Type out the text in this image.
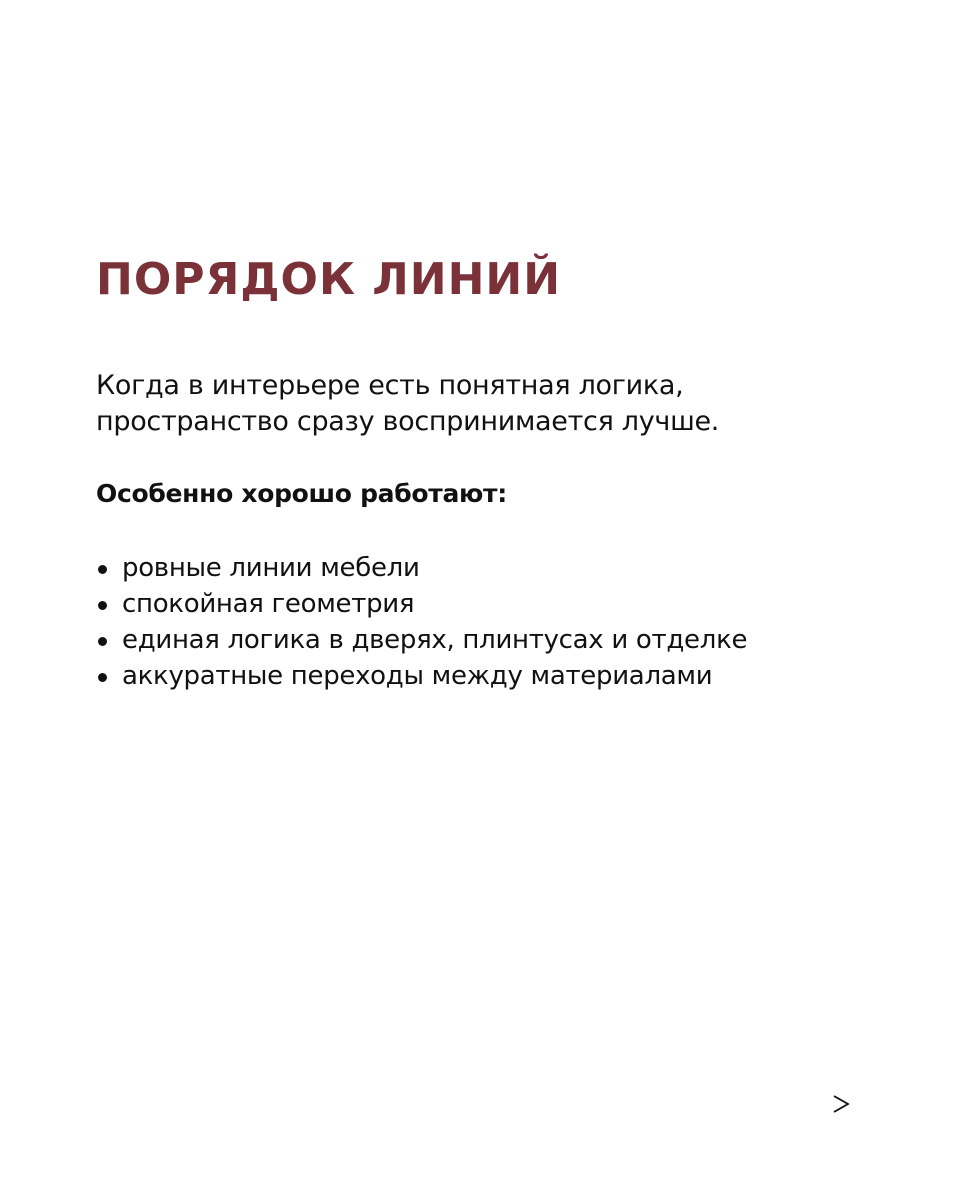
ПОРЯДОК ЛИНИЙ

Когда в интерьере есть понятная логика,
пространство сразу воспринимается лучше.

Особенно хорошо работают:

ровные линии мебели
спокойная геометрия
единая логика в дверях, плинтусах и отделке
аккуратные переходы между материалами
